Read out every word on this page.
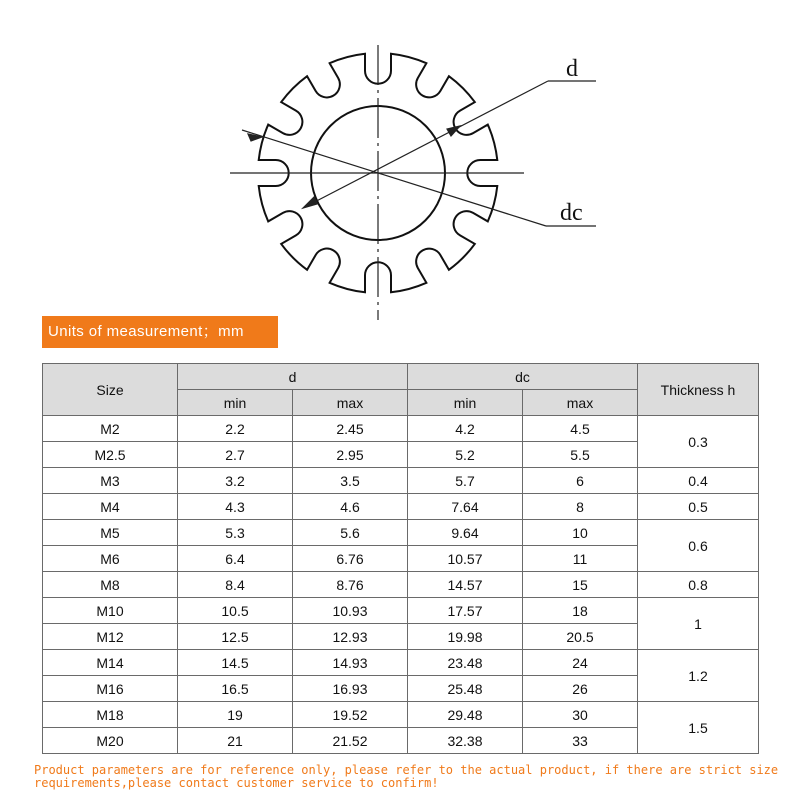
d
dc
Units of measurement；mm
Size	d		dc		Thickness h
	min	max	min	max	
M2	2.2	2.45	4.2	4.5	0.3
M2.5	2.7	2.95	5.2	5.5	
M3	3.2	3.5	5.7	6	0.4
M4	4.3	4.6	7.64	8	0.5
M5	5.3	5.6	9.64	10	0.6
M6	6.4	6.76	10.57	11	
M8	8.4	8.76	14.57	15	0.8
M10	10.5	10.93	17.57	18	1
M12	12.5	12.93	19.98	20.5	
M14	14.5	14.93	23.48	24	1.2
M16	16.5	16.93	25.48	26	
M18	19	19.52	29.48	30	1.5
M20	21	21.52	32.38	33	
Product parameters are for reference only, please refer to the actual product, if there are strict size requirements,please contact customer service to confirm!
